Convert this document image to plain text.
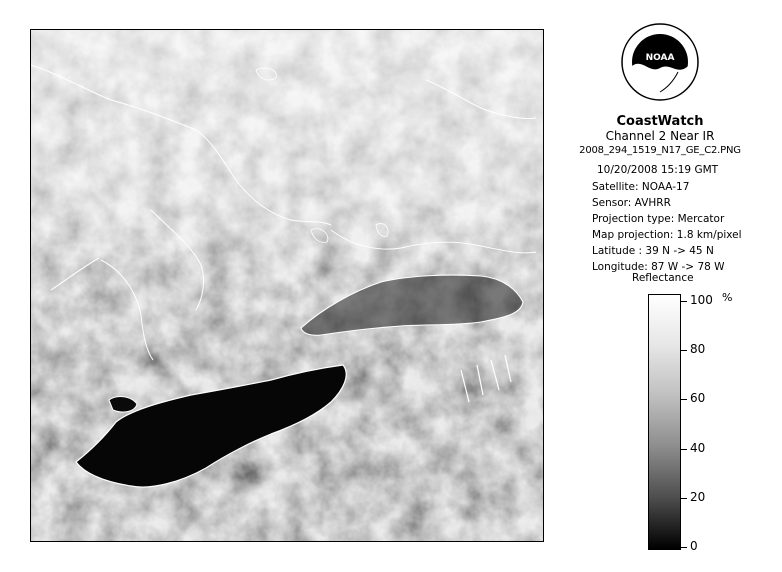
NOAA
CoastWatch
Channel 2 Near IR
2008_294_1519_N17_GE_C2.PNG
10/20/2008 15:19 GMT
Satellite: NOAA-17
Sensor: AVHRR
Projection type: Mercator
Map projection: 1.8 km/pixel
Latitude : 39 N -> 45 N
Longitude: 87 W -> 78 W
Reflectance
%
100
80
60
40
20
0
